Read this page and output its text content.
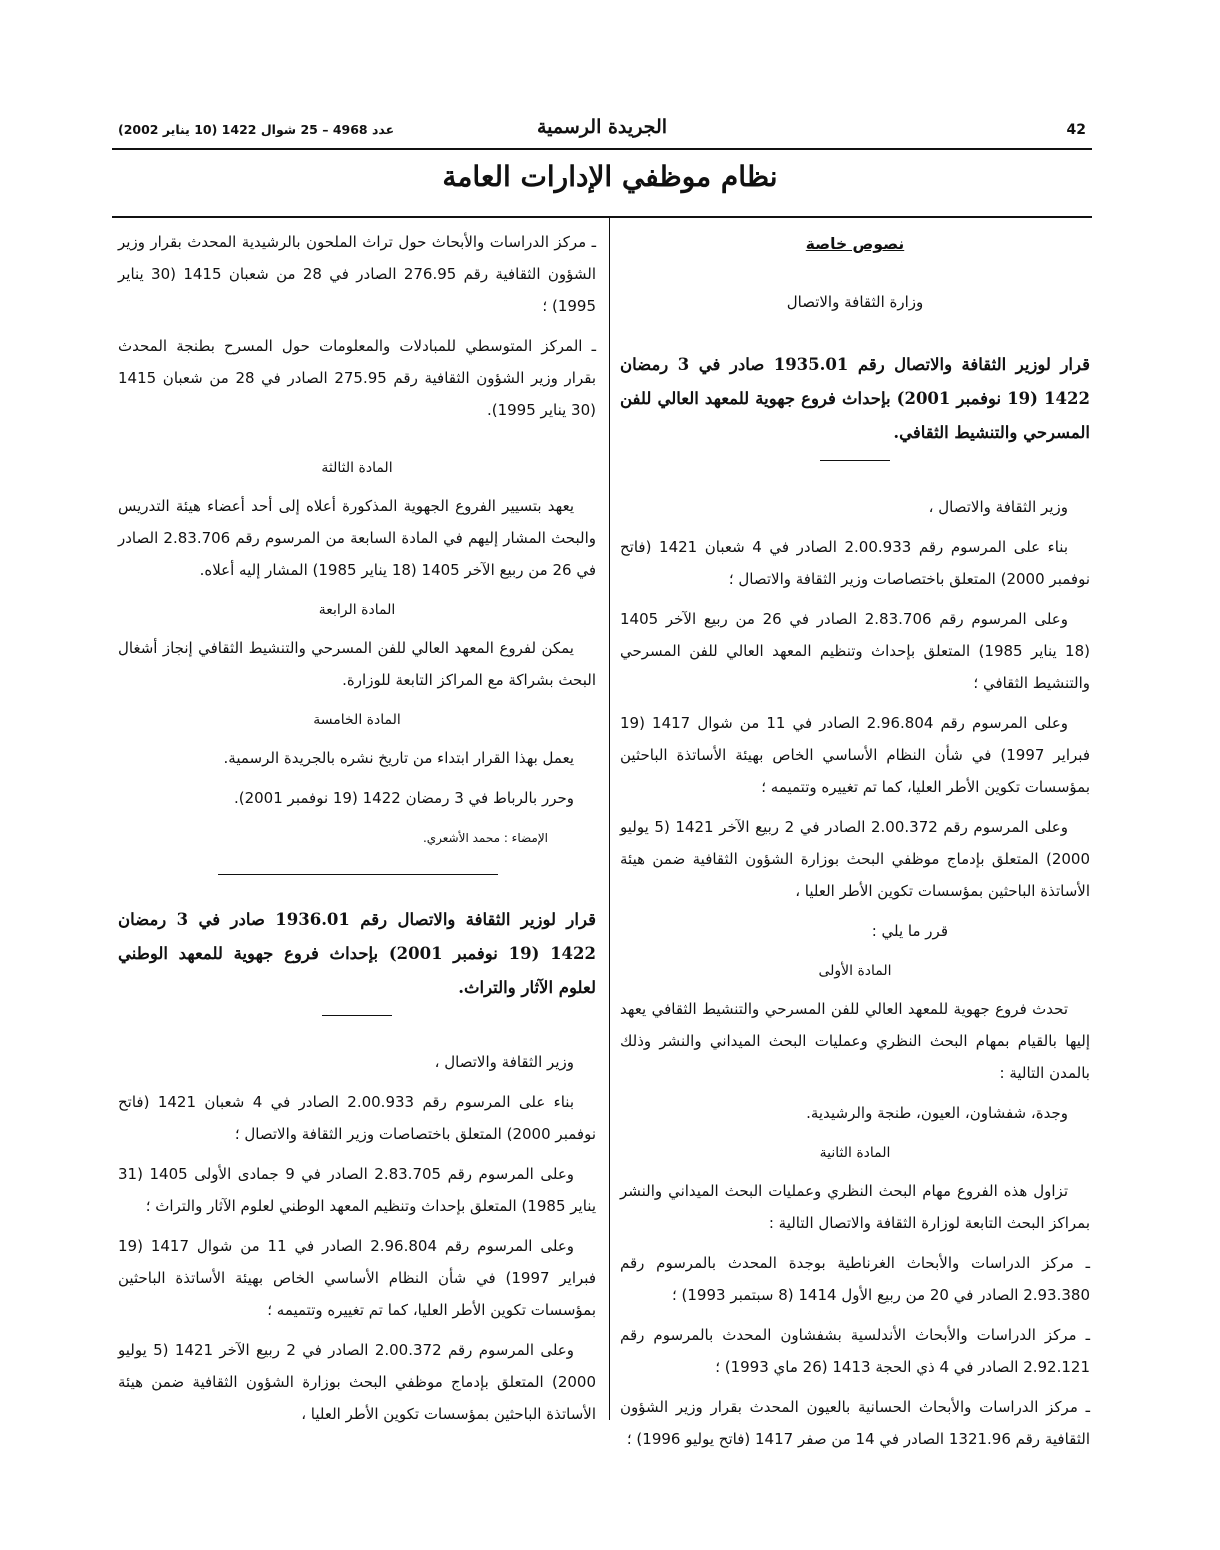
عدد 4968 – 25 شوال 1422 (10 يناير 2002)	الجريدة الرسمية	42
نظام موظفي الإدارات العامة
نصوص خاصة
وزارة الثقافة والاتصال
قرار لوزير الثقافة والاتصال رقم 1935.01 صادر في 3 رمضان 1422 (19 نوفمبر 2001) بإحداث فروع جهوية للمعهد العالي للفن المسرحي والتنشيط الثقافي.

وزير الثقافة والاتصال ،

بناء على المرسوم رقم 2.00.933 الصادر في 4 شعبان 1421 (فاتح نوفمبر 2000) المتعلق باختصاصات وزير الثقافة والاتصال ؛

وعلى المرسوم رقم 2.83.706 الصادر في 26 من ربيع الآخر 1405 (18 يناير 1985) المتعلق بإحداث وتنظيم المعهد العالي للفن المسرحي والتنشيط الثقافي ؛

وعلى المرسوم رقم 2.96.804 الصادر في 11 من شوال 1417 (19 فبراير 1997) في شأن النظام الأساسي الخاص بهيئة الأساتذة الباحثين بمؤسسات تكوين الأطر العليا، كما تم تغييره وتتميمه ؛

وعلى المرسوم رقم 2.00.372 الصادر في 2 ربيع الآخر 1421 (5 يوليو 2000) المتعلق بإدماج موظفي البحث بوزارة الشؤون الثقافية ضمن هيئة الأساتذة الباحثين بمؤسسات تكوين الأطر العليا ،

قرر ما يلي :

المادة الأولى

تحدث فروع جهوية للمعهد العالي للفن المسرحي والتنشيط الثقافي يعهد إليها بالقيام بمهام البحث النظري وعمليات البحث الميداني والنشر وذلك بالمدن التالية :

وجدة، شفشاون، العيون، طنجة والرشيدية.

المادة الثانية

تزاول هذه الفروع مهام البحث النظري وعمليات البحث الميداني والنشر بمراكز البحث التابعة لوزارة الثقافة والاتصال التالية :

ـ مركز الدراسات والأبحاث الغرناطية بوجدة المحدث بالمرسوم رقم 2.93.380 الصادر في 20 من ربيع الأول 1414 (8 سبتمبر 1993) ؛

ـ مركز الدراسات والأبحاث الأندلسية بشفشاون المحدث بالمرسوم رقم 2.92.121 الصادر في 4 ذي الحجة 1413 (26 ماي 1993) ؛

ـ مركز الدراسات والأبحاث الحسانية بالعيون المحدث بقرار وزير الشؤون الثقافية رقم 1321.96 الصادر في 14 من صفر 1417 (فاتح يوليو 1996) ؛

ـ مركز الدراسات والأبحاث حول تراث الملحون بالرشيدية المحدث بقرار وزير الشؤون الثقافية رقم 276.95 الصادر في 28 من شعبان 1415 (30 يناير 1995) ؛

ـ المركز المتوسطي للمبادلات والمعلومات حول المسرح بطنجة المحدث بقرار وزير الشؤون الثقافية رقم 275.95 الصادر في 28 من شعبان 1415 (30 يناير 1995).

المادة الثالثة

يعهد بتسيير الفروع الجهوية المذكورة أعلاه إلى أحد أعضاء هيئة التدريس والبحث المشار إليهم في المادة السابعة من المرسوم رقم 2.83.706 الصادر في 26 من ربيع الآخر 1405 (18 يناير 1985) المشار إليه أعلاه.

المادة الرابعة

يمكن لفروع المعهد العالي للفن المسرحي والتنشيط الثقافي إنجاز أشغال البحث بشراكة مع المراكز التابعة للوزارة.

المادة الخامسة

يعمل بهذا القرار ابتداء من تاريخ نشره بالجريدة الرسمية.

وحرر بالرباط في 3 رمضان 1422 (19 نوفمبر 2001).

الإمضاء : محمد الأشعري.

قرار لوزير الثقافة والاتصال رقم 1936.01 صادر في 3 رمضان 1422 (19 نوفمبر 2001) بإحداث فروع جهوية للمعهد الوطني لعلوم الآثار والتراث.

وزير الثقافة والاتصال ،

بناء على المرسوم رقم 2.00.933 الصادر في 4 شعبان 1421 (فاتح نوفمبر 2000) المتعلق باختصاصات وزير الثقافة والاتصال ؛

وعلى المرسوم رقم 2.83.705 الصادر في 9 جمادى الأولى 1405 (31 يناير 1985) المتعلق بإحداث وتنظيم المعهد الوطني لعلوم الآثار والتراث ؛

وعلى المرسوم رقم 2.96.804 الصادر في 11 من شوال 1417 (19 فبراير 1997) في شأن النظام الأساسي الخاص بهيئة الأساتذة الباحثين بمؤسسات تكوين الأطر العليا، كما تم تغييره وتتميمه ؛

وعلى المرسوم رقم 2.00.372 الصادر في 2 ربيع الآخر 1421 (5 يوليو 2000) المتعلق بإدماج موظفي البحث بوزارة الشؤون الثقافية ضمن هيئة الأساتذة الباحثين بمؤسسات تكوين الأطر العليا ،
